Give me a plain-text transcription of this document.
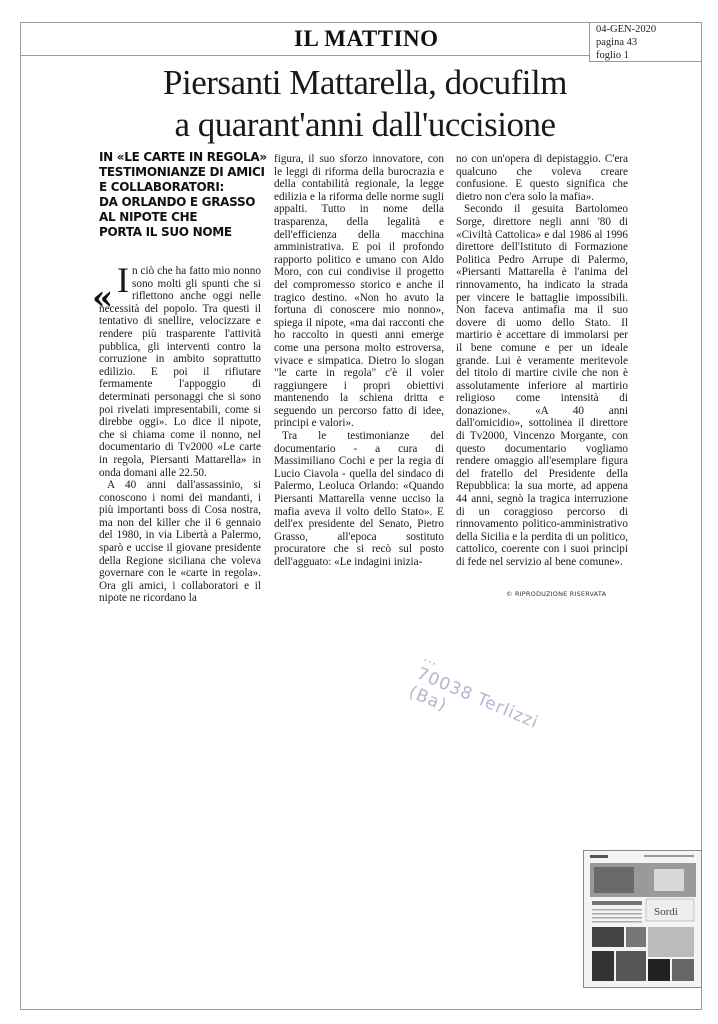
IL MATTINO	04-GEN-2020
pagina 43
foglio 1
Piersanti Mattarella, docufilm
a quarant'anni dall'uccisione
IN «LE CARTE IN REGOLA»
TESTIMONIANZE DI AMICI
E COLLABORATORI:
DA ORLANDO E GRASSO
AL NIPOTE CHE
PORTA IL SUO NOME
« In ciò che ha fatto mio nonno sono molti gli spunti che si riflettono anche oggi nelle necessità del popolo. Tra questi il tentativo di snellire, velocizzare e rendere più trasparente l'attività pubblica, gli interventi contro la corruzione in ambito soprattutto edilizio. E poi il rifiutare fermamente l'appoggio di determinati personaggi che si sono poi rivelati impresentabili, come si direbbe oggi». Lo dice il nipote, che si chiama come il nonno, nel documentario di Tv2000 «Le carte in regola, Piersanti Mattarella» in onda domani alle 22.50.

A 40 anni dall'assassinio, si conoscono i nomi dei mandanti, i più importanti boss di Cosa nostra, ma non del killer che il 6 gennaio del 1980, in via Libertà a Palermo, sparò e uccise il giovane presidente della Regione siciliana che voleva governare con le «carte in regola». Ora gli amici, i collaboratori e il nipote ne ricordano la

figura, il suo sforzo innovatore, con le leggi di riforma della burocrazia e della contabilità regionale, la legge edilizia e la riforma delle norme sugli appalti. Tutto in nome della trasparenza, della legalità e dell'efficienza della macchina amministrativa. E poi il profondo rapporto politico e umano con Aldo Moro, con cui condivise il progetto del compromesso storico e anche il tragico destino. «Non ho avuto la fortuna di conoscere mio nonno», spiega il nipote, «ma dai racconti che ho raccolto in questi anni emerge come una persona molto estroversa, vivace e simpatica. Dietro lo slogan "le carte in regola" c'è il voler raggiungere i propri obiettivi mantenendo la schiena dritta e seguendo un percorso fatto di idee, principi e valori».

Tra le testimonianze del documentario - a cura di Massimiliano Cochi e per la regia di Lucio Ciavola - quella del sindaco di Palermo, Leoluca Orlando: «Quando Piersanti Mattarella venne ucciso la mafia aveva il volto dello Stato». E dell'ex presidente del Senato, Pietro Grasso, all'epoca sostituto procuratore che si recò sul posto dell'agguato: «Le indagini inizia-

no con un'opera di depistaggio. C'era qualcuno che voleva creare confusione. E questo significa che dietro non c'era solo la mafia».

Secondo il gesuita Bartolomeo Sorge, direttore negli anni '80 di «Civiltà Cattolica» e dal 1986 al 1996 direttore dell'Istituto di Formazione Politica Pedro Arrupe di Palermo, «Piersanti Mattarella è l'anima del rinnovamento, ha indicato la strada per vincere le battaglie impossibili. Non faceva antimafia ma il suo dovere di uomo dello Stato. Il martirio è accettare di immolarsi per il bene comune e per un ideale grande. Lui è veramente meritevole del titolo di martire civile che non è assolutamente inferiore al martirio religioso come intensità di donazione». «A 40 anni dall'omicidio», sottolinea il direttore di Tv2000, Vincenzo Morgante, con questo documentario vogliamo rendere omaggio all'esemplare figura del fratello del Presidente della Repubblica: la sua morte, ad appena 44 anni, segnò la tragica interruzione di un coraggioso percorso di rinnovamento politico-amministrativo della Sicilia e la perdita di un politico, cattolico, coerente con i suoi principi di fede nel servizio al bene comune».

© RIPRODUZIONE RISERVATA
…
70038 Terlizzi (Ba)
Sordi
